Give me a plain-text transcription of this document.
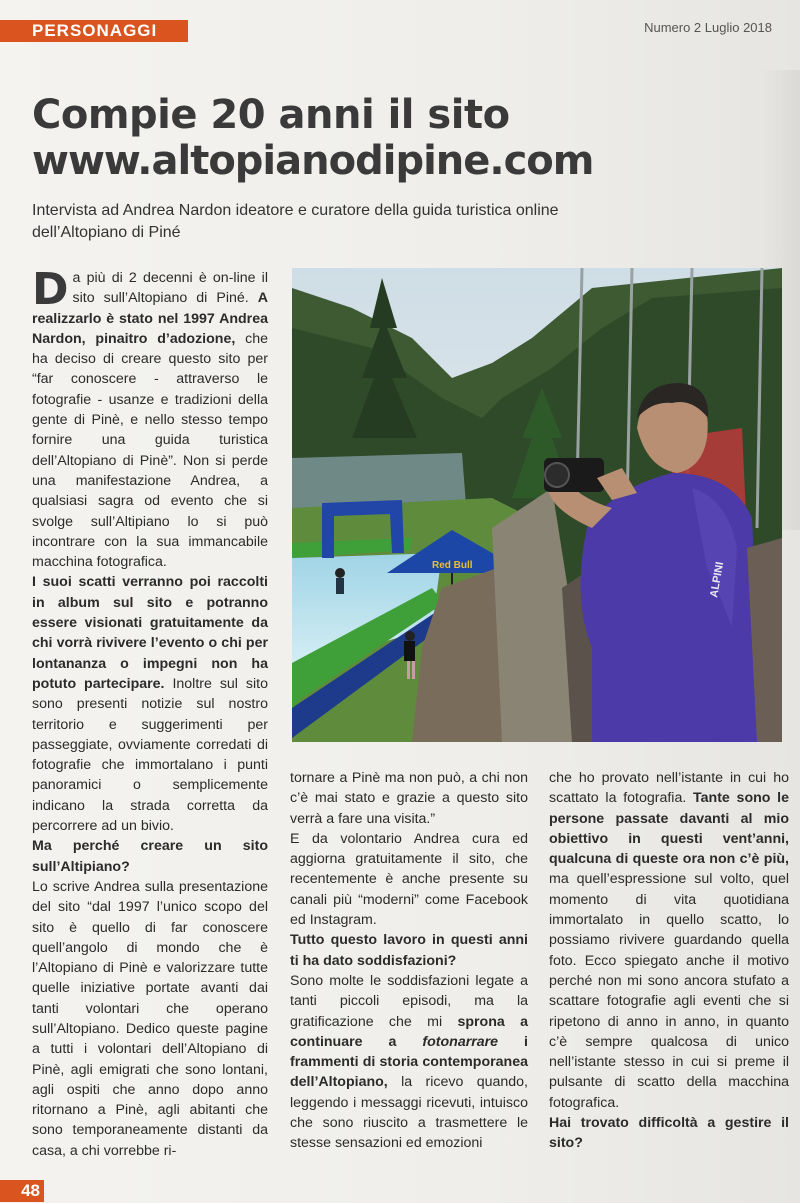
PERSONAGGI	Numero 2 Luglio 2018
Compie 20 anni il sito
www.altopianodipine.com
Intervista ad Andrea Nardon ideatore e curatore della guida turistica online dell’Altopiano di Piné

Da più di 2 decenni è on-line il sito sull’Altopiano di Piné. A realizzarlo è stato nel 1997 Andrea Nardon, pinaitro d’adozione, che ha deciso di creare questo sito per “far conoscere - attraverso le fotografie - usanze e tradizioni della gente di Pinè, e nello stesso tempo fornire una guida turistica dell’Altopiano di Pinè”. Non si perde una manifestazione Andrea, a qualsiasi sagra od evento che si svolge sull’Altipiano lo si può incontrare con la sua immancabile macchina fotografica.

I suoi scatti verranno poi raccolti in album sul sito e potranno essere visionati gratuitamente da chi vorrà rivivere l’evento o chi per lontananza o impegni non ha potuto partecipare. Inoltre sul sito sono presenti notizie sul nostro territorio e suggerimenti per passeggiate, ovviamente corredati di fotografie che immortalano i punti panoramici o semplicemente indicano la strada corretta da percorrere ad un bivio.

Ma perché creare un sito sull’Altipiano?

Lo scrive Andrea sulla presentazione del sito “dal 1997 l’unico scopo del sito è quello di far conoscere quell’angolo di mondo che è l’Altopiano di Pinè e valorizzare tutte quelle iniziative portate avanti dai tanti volontari che operano sull’Altopiano. Dedico queste pagine a tutti i volontari dell’Altopiano di Pinè, agli emigrati che sono lontani, agli ospiti che anno dopo anno ritornano a Pinè, agli abitanti che sono temporaneamente distanti da casa, a chi vorrebbe ri-

Red Bull	ALPINI

tornare a Pinè ma non può, a chi non c’è mai stato e grazie a questo sito verrà a fare una visita.”

E da volontario Andrea cura ed aggiorna gratuitamente il sito, che recentemente è anche presente su canali più “moderni” come Facebook ed Instagram.

Tutto questo lavoro in questi anni ti ha dato soddisfazioni?

Sono molte le soddisfazioni legate a tanti piccoli episodi, ma la gratificazione che mi sprona a continuare a fotonarrare i frammenti di storia contemporanea dell’Altopiano, la ricevo quando, leggendo i messaggi ricevuti, intuisco che sono riuscito a trasmettere le stesse sensazioni ed emozioni

che ho provato nell’istante in cui ho scattato la fotografia. Tante sono le persone passate davanti al mio obiettivo in questi vent’anni, qualcuna di queste ora non c’è più, ma quell’espressione sul volto, quel momento di vita quotidiana immortalato in quello scatto, lo possiamo rivivere guardando quella foto. Ecco spiegato anche il motivo perché non mi sono ancora stufato a scattare fotografie agli eventi che si ripetono di anno in anno, in quanto c’è sempre qualcosa di unico nell’istante stesso in cui si preme il pulsante di scatto della macchina fotografica.

Hai trovato difficoltà a gestire il sito?

48
